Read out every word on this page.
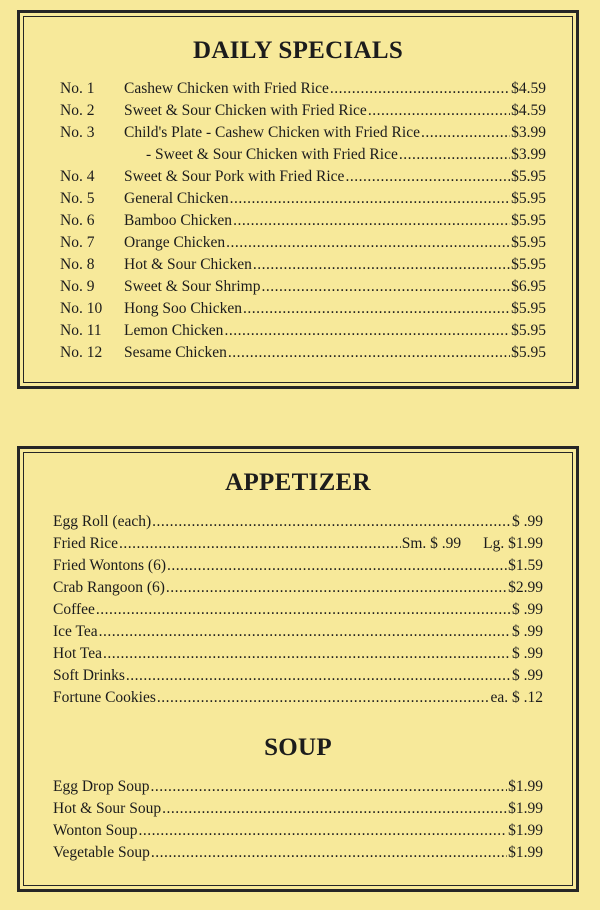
DAILY SPECIALS
No. 1	Cashew Chicken with Fried Rice .....	$4.59
No. 2	Sweet & Sour Chicken with Fried Rice .....	$4.59
No. 3	Child's Plate - Cashew Chicken with Fried Rice .....	$3.99
- Sweet & Sour Chicken with Fried Rice .....	$3.99
No. 4	Sweet & Sour Pork with Fried Rice .....	$5.95
No. 5	General Chicken .....	$5.95
No. 6	Bamboo Chicken .....	$5.95
No. 7	Orange Chicken .....	$5.95
No. 8	Hot & Sour Chicken .....	$5.95
No. 9	Sweet & Sour Shrimp .....	$6.95
No. 10	Hong Soo Chicken .....	$5.95
No. 11	Lemon Chicken .....	$5.95
No. 12	Sesame Chicken .....	$5.95
APPETIZER
Egg Roll (each) .....	$ .99
Fried Rice .....	Sm. $ .99 Lg. $1.99
Fried Wontons (6) .....	$1.59
Crab Rangoon (6) .....	$2.99
Coffee .....	$ .99
Ice Tea .....	$ .99
Hot Tea .....	$ .99
Soft Drinks .....	$ .99
Fortune Cookies .....	ea. $ .12
SOUP
Egg Drop Soup .....	$1.99
Hot & Sour Soup .....	$1.99
Wonton Soup .....	$1.99
Vegetable Soup .....	$1.99
